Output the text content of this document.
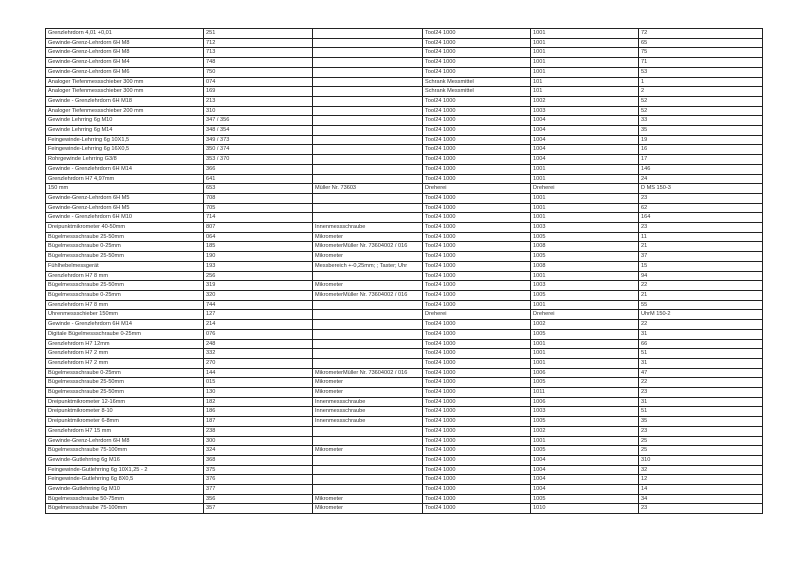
Grenzlehrdorn 4,01 +0,01	251		Tool24 1000	1001	72
Gewinde-Grenz-Lehrdorn 6H M8	712		Tool24 1000	1001	65
Gewinde-Grenz-Lehrdorn 6H M8	713		Tool24 1000	1001	75
Gewinde-Grenz-Lehrdorn 6H M4	748		Tool24 1000	1001	71
Gewinde-Grenz-Lehrdorn 6H M6	750		Tool24 1000	1001	53
Analoger Tiefenmessschieber 300 mm	074		Schrank Messmittel	101	1
Analoger Tiefenmessschieber 300 mm	169		Schrank Messmittel	101	2
Gewinde - Grenzlehrdorn 6H M18	213		Tool24 1000	1002	52
Analoger Tiefenmessschieber 200 mm	310		Tool24 1000	1003	52
Gewinde Lehrring 6g M10	347 / 356		Tool24 1000	1004	33
Gewinde Lehrring 6g M14	348 / 354		Tool24 1000	1004	35
Feingewinde-Lehrring 6g 10X1,5	349 / 373		Tool24 1000	1004	19
Feingewinde-Lehrring 6g 16X0,5	350 / 374		Tool24 1000	1004	16
Rohrgewinde Lehrring G3/8	353 / 370		Tool24 1000	1004	17
Gewinde - Grenzlehrdorn 6H M14	366		Tool24 1000	1001	146
Grenzlehrdorn H7 4,97mm	641		Tool24 1000	1001	24
150 mm	653	Müller Nr. 73603	Dreherei	Dreherei	D MS 150-3
Gewinde-Grenz-Lehrdorn 6H M5	708		Tool24 1000	1001	23
Gewinde-Grenz-Lehrdorn 6H M5	705		Tool24 1000	1001	62
Gewinde - Grenzlehrdorn 6H M10	714		Tool24 1000	1001	164
Dreipunktmikrometer 40-50mm	807	Innenmessschraube	Tool24 1000	1003	23
Bügelmessschraube 25-50mm	064	Mikrometer	Tool24 1000	1005	11
Bügelmessschraube 0-25mm	185	MikrometerMüller Nr. 73604002 / 016	Tool24 1000	1008	21
Bügelmessschraube 25-50mm	190	Mikrometer	Tool24 1000	1005	37
Fühlhebelmessgerät	193	Messbereich +-0,25mm; ; Taster; Uhr	Tool24 1000	1008	15
Grenzlehrdorn H7 8 mm	256		Tool24 1000	1001	94
Bügelmessschraube 25-50mm	319	Mikrometer	Tool24 1000	1003	22
Bügelmessschraube 0-25mm	320	MikrometerMüller Nr. 73604002 / 016	Tool24 1000	1005	21
Grenzlehrdorn H7 8 mm	744		Tool24 1000	1001	55
Uhrenmessschieber 150mm	127		Dreherei	Dreherei	UhrM 150-2
Gewinde - Grenzlehrdorn 6H M14	214		Tool24 1000	1002	22
Digitale Bügelmessschraube 0-25mm	076		Tool24 1000	1005	31
Grenzlehrdorn H7 12mm	248		Tool24 1000	1001	66
Grenzlehrdorn H7 2 mm	332		Tool24 1000	1001	51
Grenzlehrdorn H7 2 mm	270		Tool24 1000	1001	31
Bügelmessschraube 0-25mm	144	MikrometerMüller Nr. 73604002 / 016	Tool24 1000	1006	47
Bügelmessschraube 25-50mm	015	Mikrometer	Tool24 1000	1005	22
Bügelmessschraube 25-50mm	130	Mikrometer	Tool24 1000	1011	23
Dreipunktmikrometer 12-16mm	182	Innenmessschraube	Tool24 1000	1006	31
Dreipunktmikrometer 8-10	186	Innenmessschraube	Tool24 1000	1003	51
Dreipunktmikrometer 6-8mm	187	Innenmessschraube	Tool24 1000	1005	35
Grenzlehrdorn H7 15 mm	238		Tool24 1000	1002	23
Gewinde-Grenz-Lehrdorn 6H M8	300		Tool24 1000	1001	25
Bügelmessschraube 75-100mm	324	Mikrometer	Tool24 1000	1005	25
Gewinde-Gutlehrring 6g M16	368		Tool24 1000	1004	310
Feingewinde-Gutlehrring 6g 10X1,25 - 2	375		Tool24 1000	1004	32
Feingewinde-Gutlehrring 6g 8X0,5	376		Tool24 1000	1004	12
Gewinde-Gutlehrring 6g M10	377		Tool24 1000	1004	14
Bügelmessschraube 50-75mm	356	Mikrometer	Tool24 1000	1005	34
Bügelmessschraube 75-100mm	357	Mikrometer	Tool24 1000	1010	23
